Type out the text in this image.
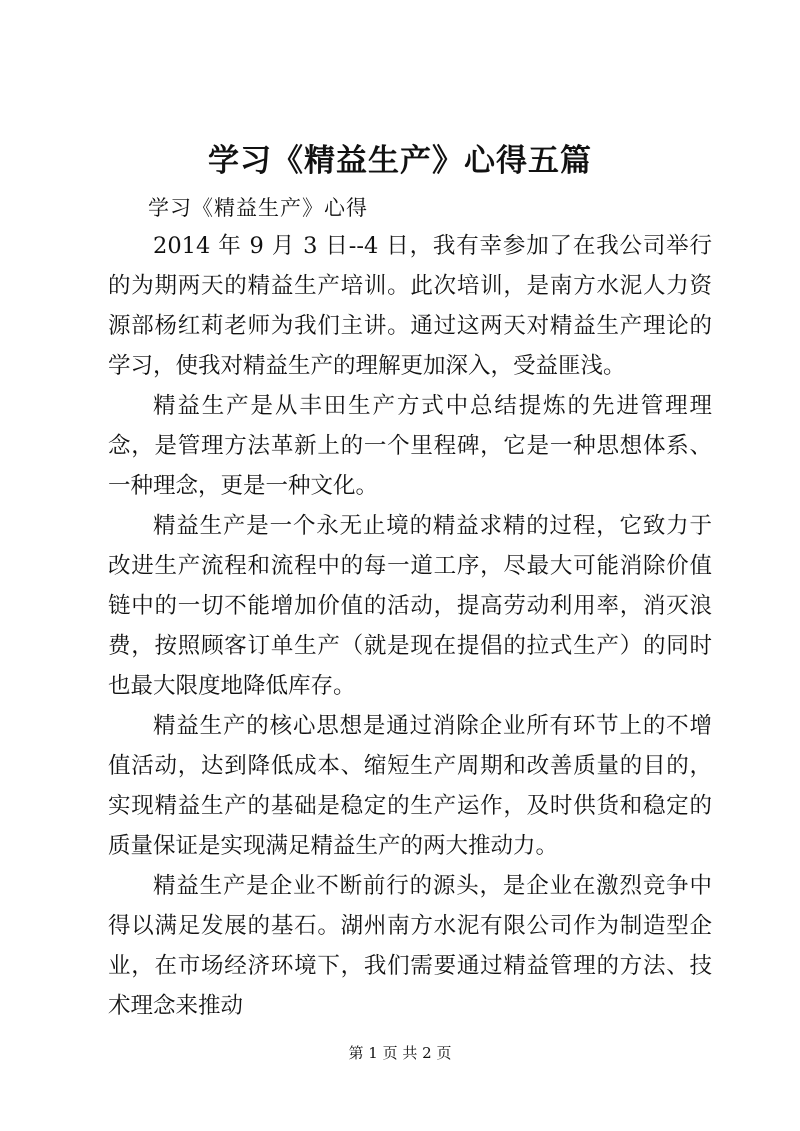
学习《精益生产》心得五篇
学习《精益生产》心得

2014 年 9 月 3 日--4 日，我有幸参加了在我公司举行的为期两天的精益生产培训。此次培训，是南方水泥人力资源部杨红莉老师为我们主讲。通过这两天对精益生产理论的学习，使我对精益生产的理解更加深入，受益匪浅。

精益生产是从丰田生产方式中总结提炼的先进管理理念，是管理方法革新上的一个里程碑，它是一种思想体系、一种理念，更是一种文化。

精益生产是一个永无止境的精益求精的过程，它致力于改进生产流程和流程中的每一道工序，尽最大可能消除价值链中的一切不能增加价值的活动，提高劳动利用率，消灭浪费，按照顾客订单生产（就是现在提倡的拉式生产）的同时也最大限度地降低库存。

精益生产的核心思想是通过消除企业所有环节上的不增值活动，达到降低成本、缩短生产周期和改善质量的目的，实现精益生产的基础是稳定的生产运作，及时供货和稳定的质量保证是实现满足精益生产的两大推动力。

精益生产是企业不断前行的源头，是企业在激烈竞争中得以满足发展的基石。湖州南方水泥有限公司作为制造型企业，在市场经济环境下，我们需要通过精益管理的方法、技术理念来推动

第 1 页 共 2 页
